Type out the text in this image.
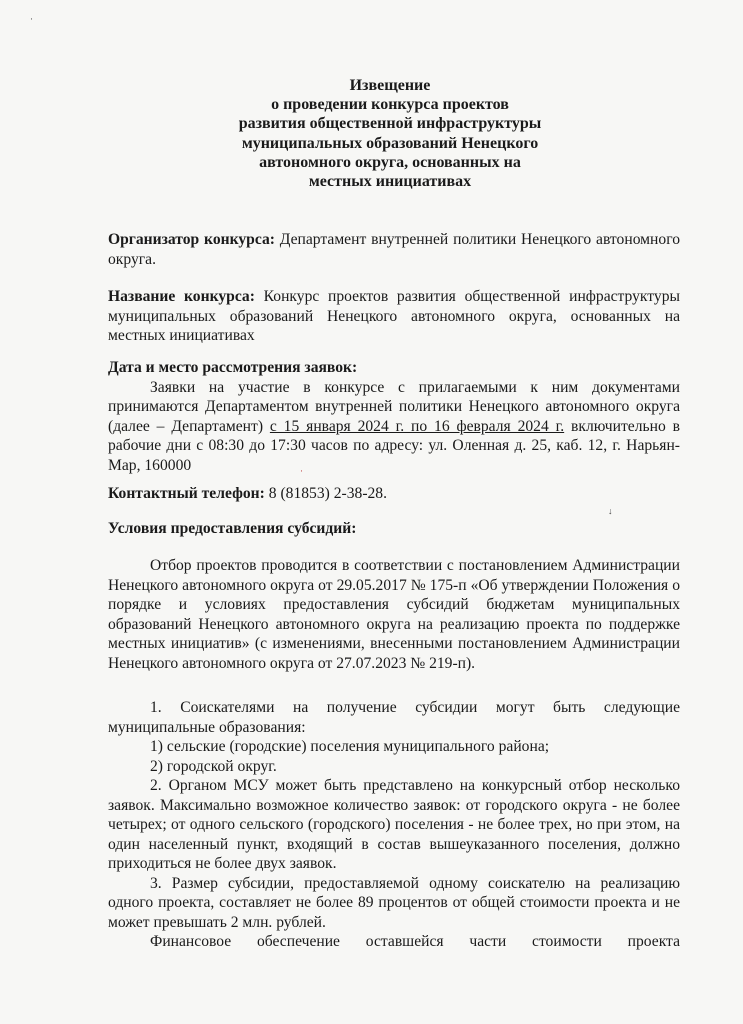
Извещение
о проведении конкурса проектов
развития общественной инфраструктуры
муниципальных образований Ненецкого
автономного округа, основанных на
местных инициативах

Организатор конкурса: Департамент внутренней политики Ненецкого автономного округа.

Название конкурса: Конкурс проектов развития общественной инфраструктуры муниципальных образований Ненецкого автономного округа, основанных на местных инициативах

Дата и место рассмотрения заявок:

Заявки на участие в конкурсе с прилагаемыми к ним документами принимаются Департаментом внутренней политики Ненецкого автономного округа (далее – Департамент) с 15 января 2024 г. по 16 февраля 2024 г. включительно в рабочие дни с 08:30 до 17:30 часов по адресу: ул. Оленная д. 25, каб. 12, г. Нарьян-Мар, 160000

Контактный телефон: 8 (81853) 2-38-28.

Условия предоставления субсидий:

Отбор проектов проводится в соответствии с постановлением Администрации Ненецкого автономного округа от 29.05.2017 № 175-п «Об утверждении Положения о порядке и условиях предоставления субсидий бюджетам муниципальных образований Ненецкого автономного округа на реализацию проекта по поддержке местных инициатив» (с изменениями, внесенными постановлением Администрации Ненецкого автономного округа от 27.07.2023 № 219-п).

1. Соискателями на получение субсидии могут быть следующие муниципальные образования:

1) сельские (городские) поселения муниципального района;

2) городской округ.

2. Органом МСУ может быть представлено на конкурсный отбор несколько заявок. Максимально возможное количество заявок: от городского округа - не более четырех; от одного сельского (городского) поселения - не более трех, но при этом, на один населенный пункт, входящий в состав вышеуказанного поселения, должно приходиться не более двух заявок.

3. Размер субсидии, предоставляемой одному соискателю на реализацию одного проекта, составляет не более 89 процентов от общей стоимости проекта и не может превышать 2 млн. рублей.

Финансовое обеспечение оставшейся части стоимости проекта

·
·
↓
